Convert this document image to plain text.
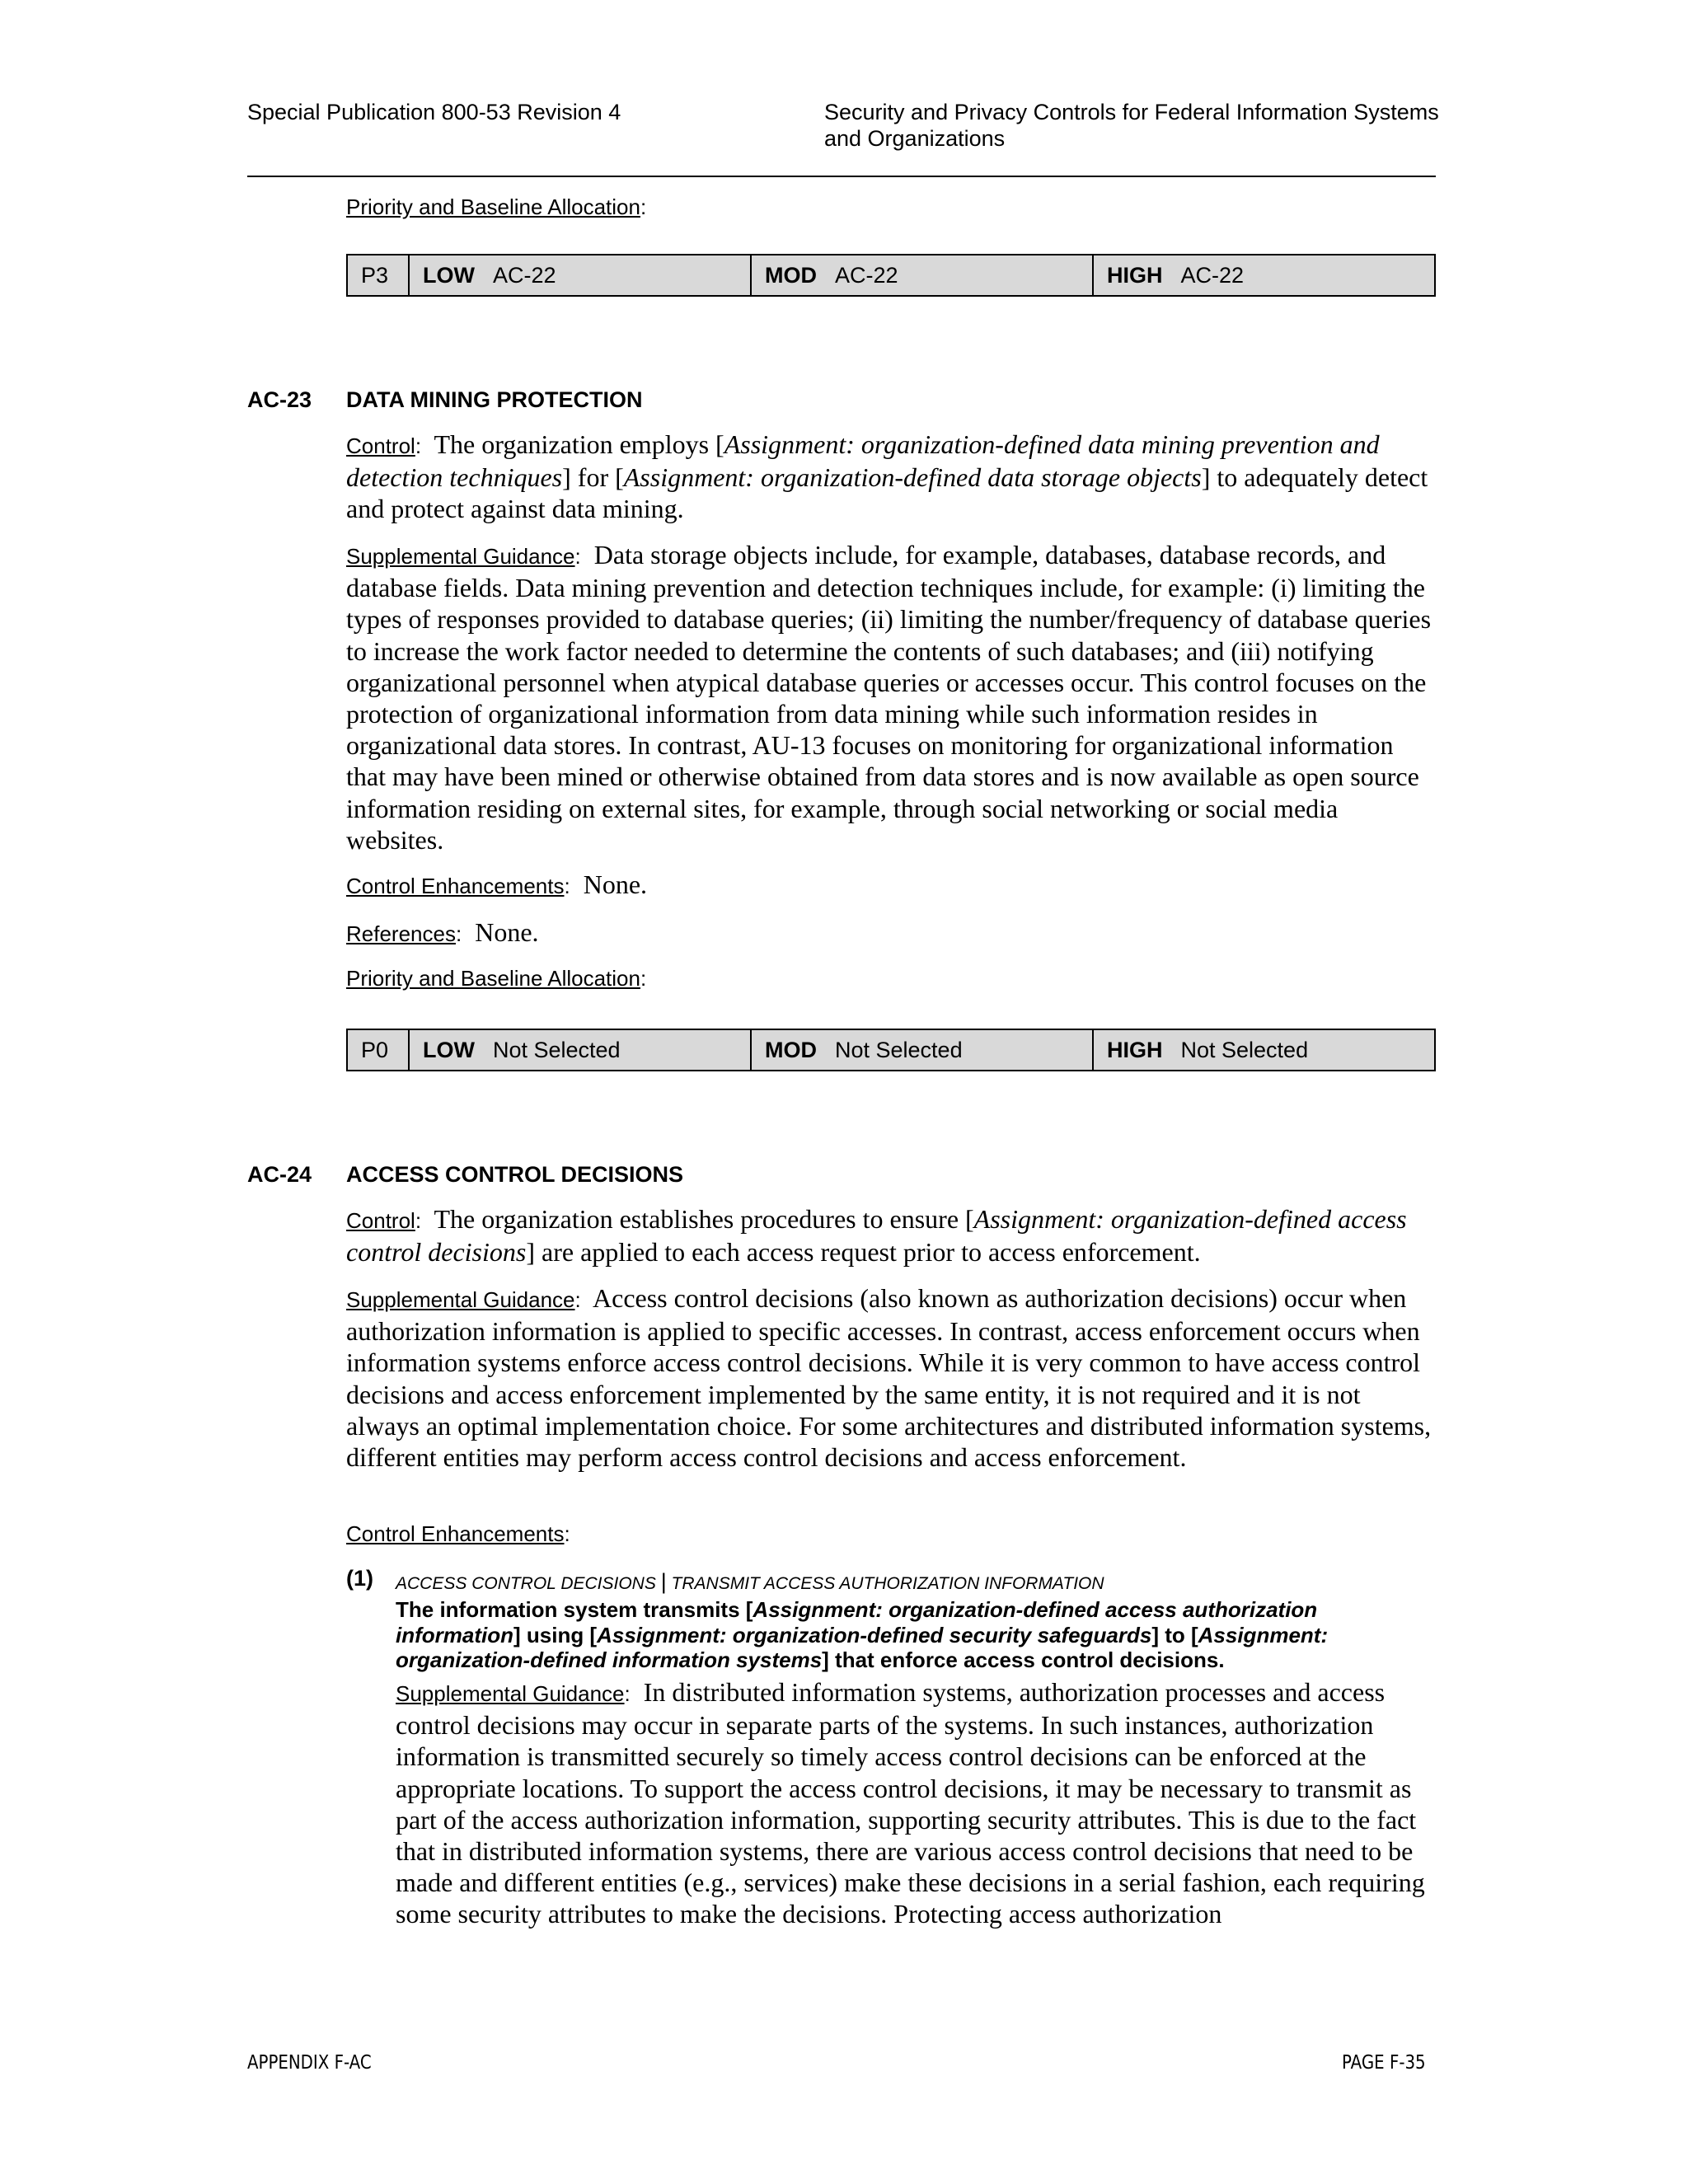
Special Publication 800-53 Revision 4	Security and Privacy Controls for Federal Information Systems
and Organizations
Priority and Baseline Allocation:
P3 LOW AC-22	MOD AC-22	HIGH AC-22
AC-23 DATA MINING PROTECTION
Control: The organization employs [Assignment: organization-defined data mining prevention and detection techniques] for [Assignment: organization-defined data storage objects] to adequately detect and protect against data mining.
Supplemental Guidance: Data storage objects include, for example, databases, database records, and database fields. Data mining prevention and detection techniques include, for example: (i) limiting the types of responses provided to database queries; (ii) limiting the number/frequency of database queries to increase the work factor needed to determine the contents of such databases; and (iii) notifying organizational personnel when atypical database queries or accesses occur. This control focuses on the protection of organizational information from data mining while such information resides in organizational data stores. In contrast, AU-13 focuses on monitoring for organizational information that may have been mined or otherwise obtained from data stores and is now available as open source information residing on external sites, for example, through social networking or social media websites.
Control Enhancements: None.
References: None.
Priority and Baseline Allocation:
P0 LOW Not Selected	MOD Not Selected	HIGH Not Selected
AC-24 ACCESS CONTROL DECISIONS
Control: The organization establishes procedures to ensure [Assignment: organization-defined access control decisions] are applied to each access request prior to access enforcement.
Supplemental Guidance: Access control decisions (also known as authorization decisions) occur when authorization information is applied to specific accesses. In contrast, access enforcement occurs when information systems enforce access control decisions. While it is very common to have access control decisions and access enforcement implemented by the same entity, it is not required and it is not always an optimal implementation choice. For some architectures and distributed information systems, different entities may perform access control decisions and access enforcement.
Control Enhancements:
(1) ACCESS CONTROL DECISIONS | TRANSMIT ACCESS AUTHORIZATION INFORMATION
The information system transmits [Assignment: organization-defined access authorization information] using [Assignment: organization-defined security safeguards] to [Assignment: organization-defined information systems] that enforce access control decisions.
Supplemental Guidance: In distributed information systems, authorization processes and access control decisions may occur in separate parts of the systems. In such instances, authorization information is transmitted securely so timely access control decisions can be enforced at the appropriate locations. To support the access control decisions, it may be necessary to transmit as part of the access authorization information, supporting security attributes. This is due to the fact that in distributed information systems, there are various access control decisions that need to be made and different entities (e.g., services) make these decisions in a serial fashion, each requiring some security attributes to make the decisions. Protecting access authorization
APPENDIX F-AC	PAGE F-35
